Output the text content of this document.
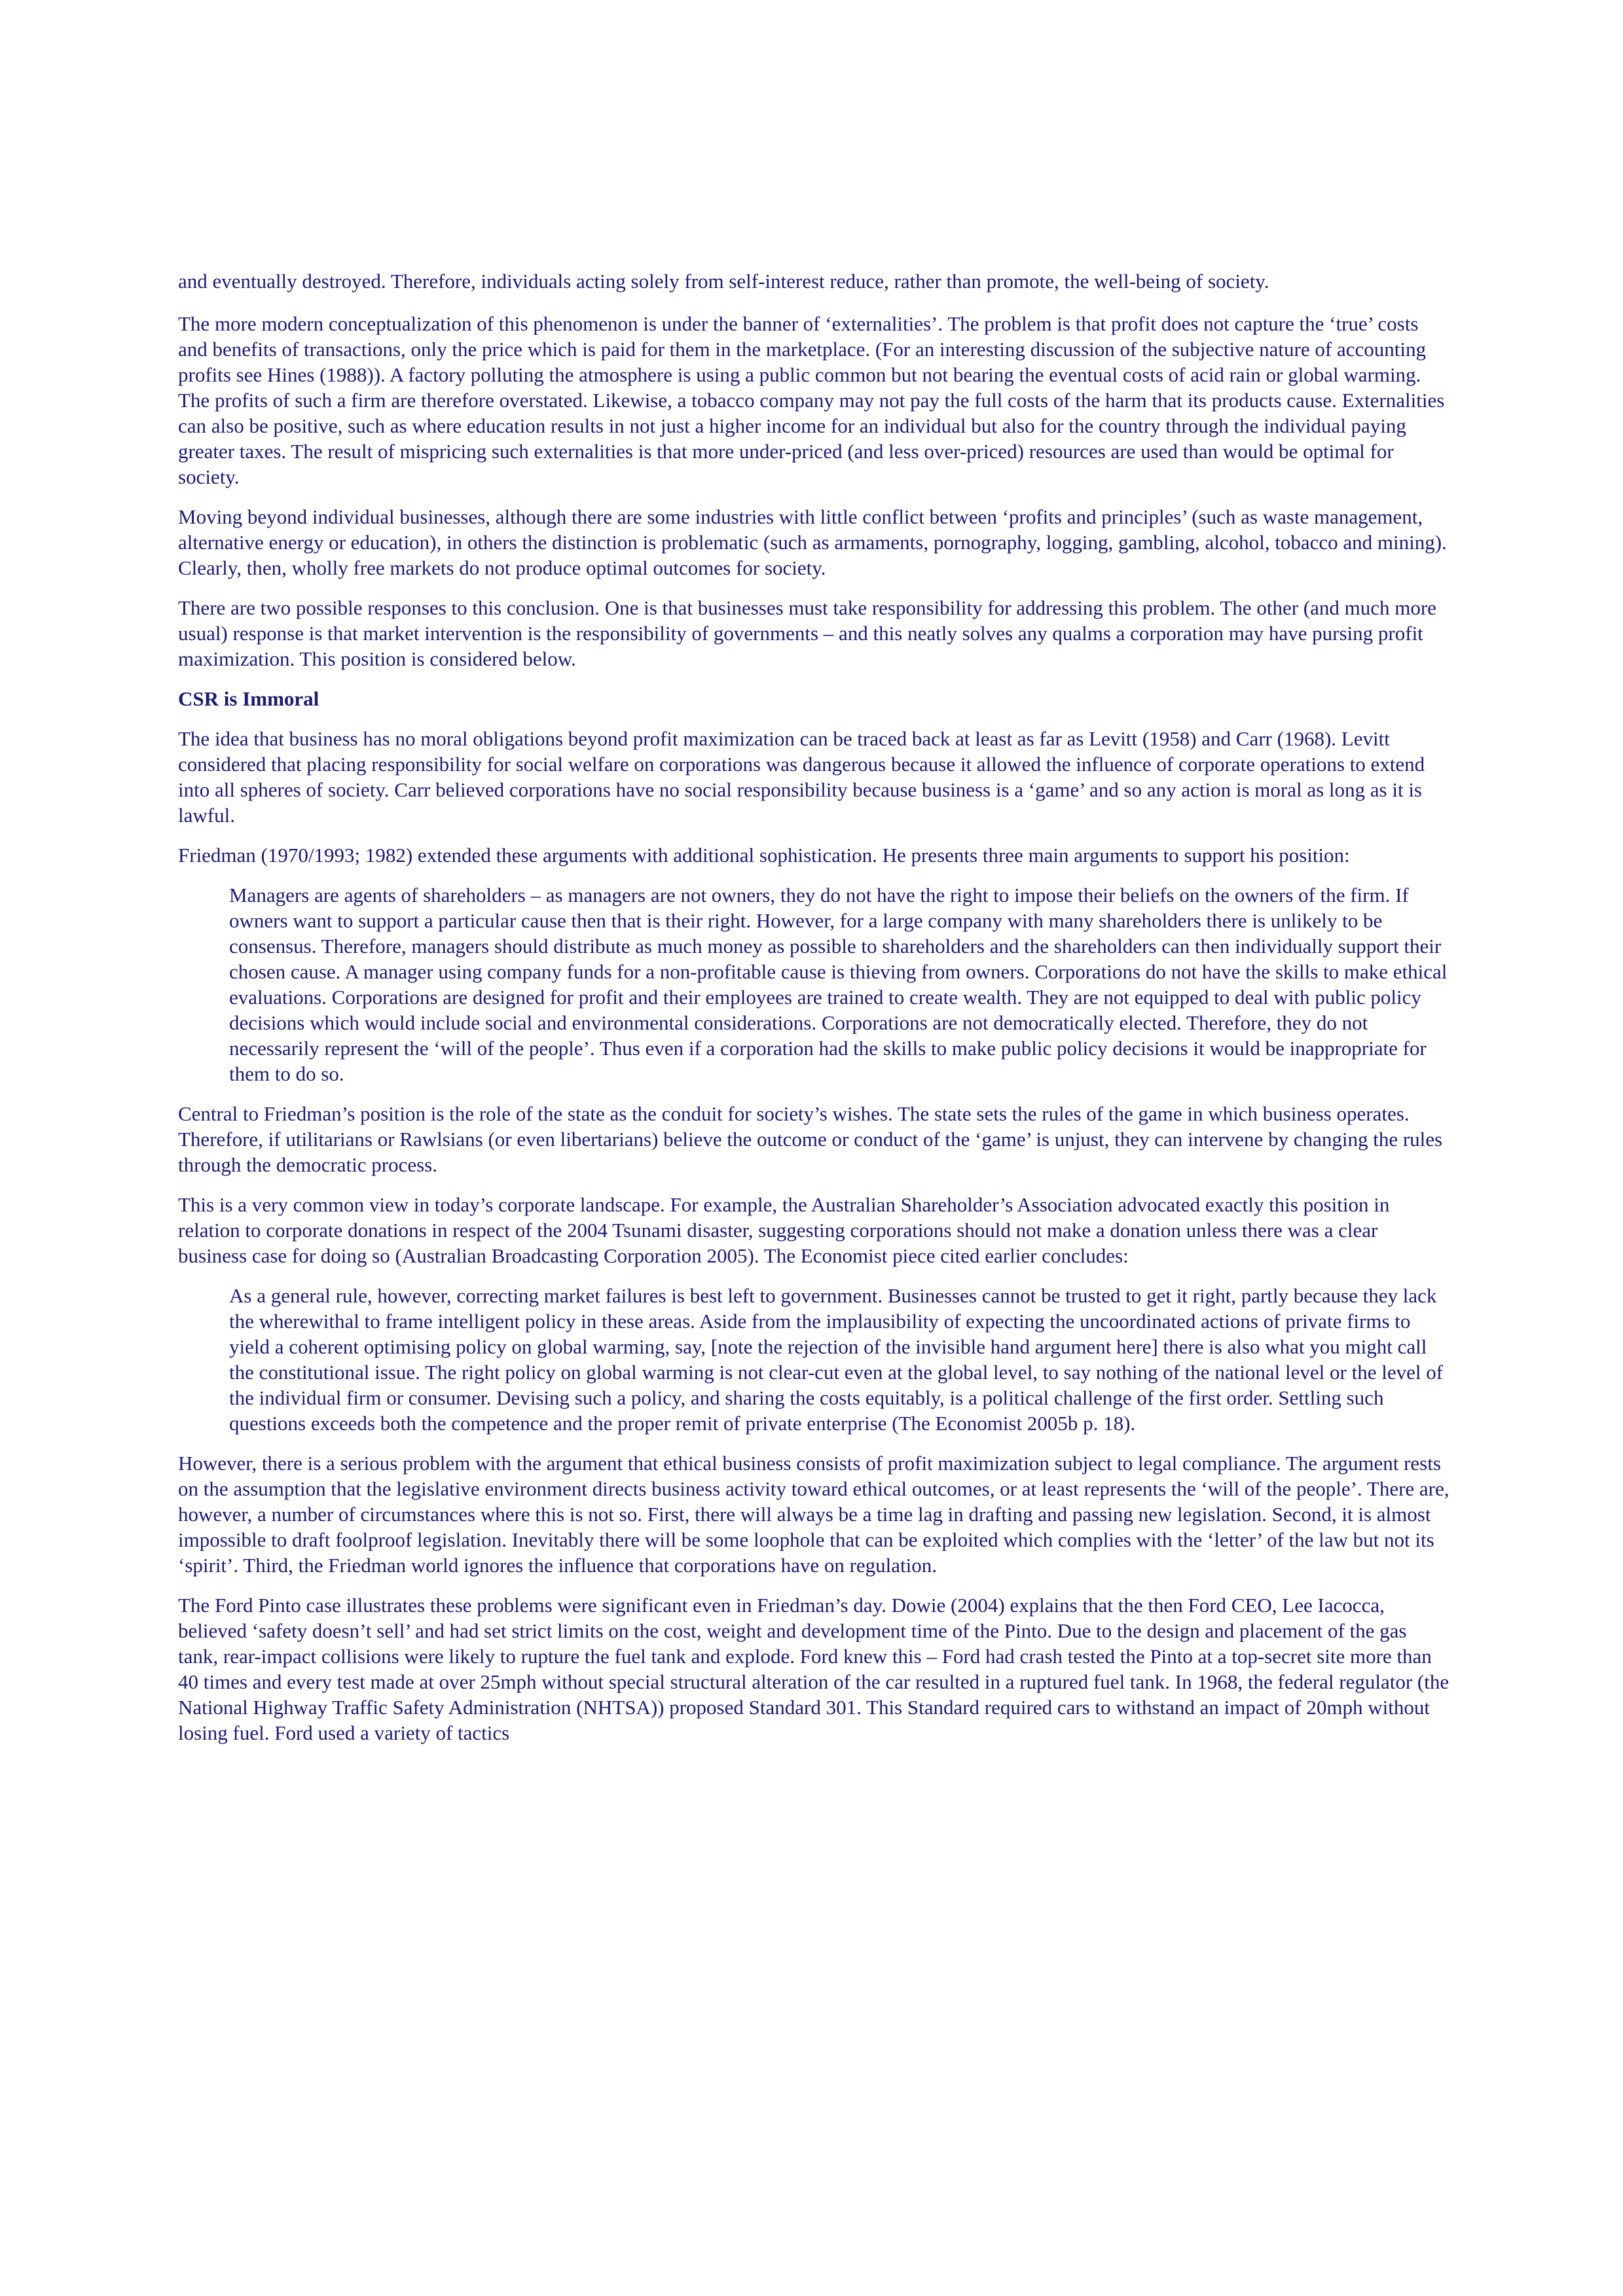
and eventually destroyed. Therefore, individuals acting solely from self-interest reduce, rather than promote, the well-being of society.

The more modern conceptualization of this phenomenon is under the banner of ‘externalities’. The problem is that profit does not capture the ‘true’ costs and benefits of transactions, only the price which is paid for them in the marketplace. (For an interesting discussion of the subjective nature of accounting profits see Hines (1988)). A factory polluting the atmosphere is using a public common but not bearing the eventual costs of acid rain or global warming. The profits of such a firm are therefore overstated. Likewise, a tobacco company may not pay the full costs of the harm that its products cause. Externalities can also be positive, such as where education results in not just a higher income for an individual but also for the country through the individual paying greater taxes. The result of mispricing such externalities is that more under-priced (and less over-priced) resources are used than would be optimal for society.

Moving beyond individual businesses, although there are some industries with little conflict between ‘profits and principles’ (such as waste management, alternative energy or education), in others the distinction is problematic (such as armaments, pornography, logging, gambling, alcohol, tobacco and mining). Clearly, then, wholly free markets do not produce optimal outcomes for society.

There are two possible responses to this conclusion. One is that businesses must take responsibility for addressing this problem. The other (and much more usual) response is that market intervention is the responsibility of governments – and this neatly solves any qualms a corporation may have pursing profit maximization. This position is considered below.

CSR is Immoral

The idea that business has no moral obligations beyond profit maximization can be traced back at least as far as Levitt (1958) and Carr (1968). Levitt considered that placing responsibility for social welfare on corporations was dangerous because it allowed the influence of corporate operations to extend into all spheres of society. Carr believed corporations have no social responsibility because business is a ‘game’ and so any action is moral as long as it is lawful.

Friedman (1970/1993; 1982) extended these arguments with additional sophistication. He presents three main arguments to support his position:

Managers are agents of shareholders – as managers are not owners, they do not have the right to impose their beliefs on the owners of the firm. If owners want to support a particular cause then that is their right. However, for a large company with many shareholders there is unlikely to be consensus. Therefore, managers should distribute as much money as possible to shareholders and the shareholders can then individually support their chosen cause. A manager using company funds for a non-profitable cause is thieving from owners. Corporations do not have the skills to make ethical evaluations. Corporations are designed for profit and their employees are trained to create wealth. They are not equipped to deal with public policy decisions which would include social and environmental considerations. Corporations are not democratically elected. Therefore, they do not necessarily represent the ‘will of the people’. Thus even if a corporation had the skills to make public policy decisions it would be inappropriate for them to do so.

Central to Friedman’s position is the role of the state as the conduit for society’s wishes. The state sets the rules of the game in which business operates. Therefore, if utilitarians or Rawlsians (or even libertarians) believe the outcome or conduct of the ‘game’ is unjust, they can intervene by changing the rules through the democratic process.

This is a very common view in today’s corporate landscape. For example, the Australian Shareholder’s Association advocated exactly this position in relation to corporate donations in respect of the 2004 Tsunami disaster, suggesting corporations should not make a donation unless there was a clear business case for doing so (Australian Broadcasting Corporation 2005). The Economist piece cited earlier concludes:

As a general rule, however, correcting market failures is best left to government. Businesses cannot be trusted to get it right, partly because they lack the wherewithal to frame intelligent policy in these areas. Aside from the implausibility of expecting the uncoordinated actions of private firms to yield a coherent optimising policy on global warming, say, [note the rejection of the invisible hand argument here] there is also what you might call the constitutional issue. The right policy on global warming is not clear-cut even at the global level, to say nothing of the national level or the level of the individual firm or consumer. Devising such a policy, and sharing the costs equitably, is a political challenge of the first order. Settling such questions exceeds both the competence and the proper remit of private enterprise (The Economist 2005b p. 18).

However, there is a serious problem with the argument that ethical business consists of profit maximization subject to legal compliance. The argument rests on the assumption that the legislative environment directs business activity toward ethical outcomes, or at least represents the ‘will of the people’. There are, however, a number of circumstances where this is not so. First, there will always be a time lag in drafting and passing new legislation. Second, it is almost impossible to draft foolproof legislation. Inevitably there will be some loophole that can be exploited which complies with the ‘letter’ of the law but not its ‘spirit’. Third, the Friedman world ignores the influence that corporations have on regulation.

The Ford Pinto case illustrates these problems were significant even in Friedman’s day. Dowie (2004) explains that the then Ford CEO, Lee Iacocca, believed ‘safety doesn’t sell’ and had set strict limits on the cost, weight and development time of the Pinto. Due to the design and placement of the gas tank, rear-impact collisions were likely to rupture the fuel tank and explode. Ford knew this – Ford had crash tested the Pinto at a top-secret site more than 40 times and every test made at over 25mph without special structural alteration of the car resulted in a ruptured fuel tank. In 1968, the federal regulator (the National Highway Traffic Safety Administration (NHTSA)) proposed Standard 301. This Standard required cars to withstand an impact of 20mph without losing fuel. Ford used a variety of tactics
